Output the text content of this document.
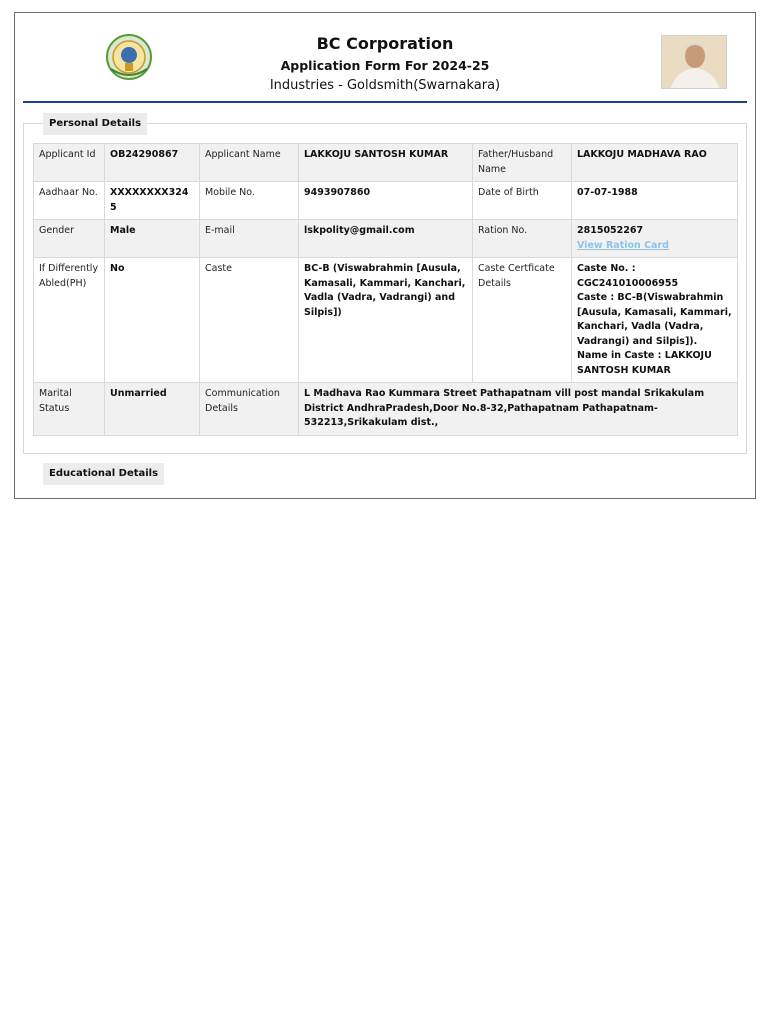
BC Corporation
Application Form For 2024-25
Industries - Goldsmith(Swarnakara)
Personal Details
Applicant Id	OB24290867	Applicant Name	LAKKOJU SANTOSH KUMAR	Father/Husband Name	LAKKOJU MADHAVA RAO
Aadhaar No.	XXXXXXXX3245	Mobile No.	9493907860	Date of Birth	07-07-1988
Gender	Male	E-mail	lskpolity@gmail.com	Ration No.	2815052267
View Ration Card

If Differently Abled(PH)	No	Caste	BC-B (Viswabrahmin [Ausula, Kamasali, Kammari, Kanchari, Vadla (Vadra, Vadrangi) and Silpis])	Caste Certficate Details	Caste No. : CGC241010006955
Caste : BC-B(Viswabrahmin [Ausula, Kamasali, Kammari, Kanchari, Vadla (Vadra, Vadrangi) and Silpis]).
Name in Caste : LAKKOJU SANTOSH KUMAR

Marital Status	Unmarried	Communication Details	L Madhava Rao Kummara Street Pathapatnam vill post mandal Srikakulam District AndhraPradesh,Door No.8-32,Pathapatnam Pathapatnam-532213,Srikakulam dist.,		
Educational Details
